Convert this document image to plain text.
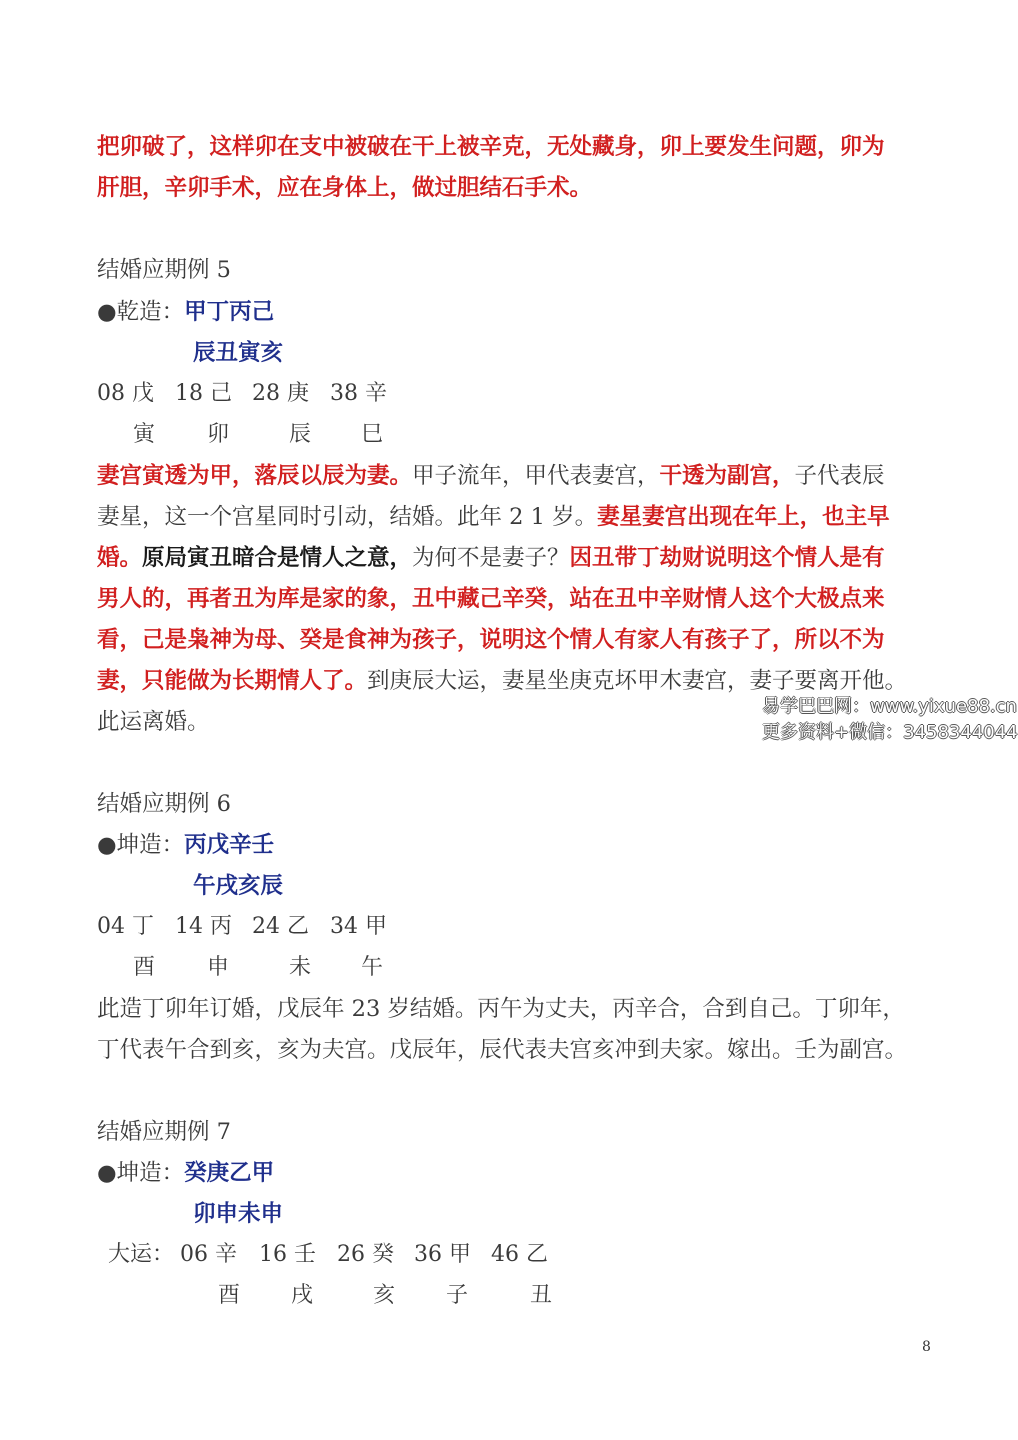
把卯破了，这样卯在支中被破在干上被辛克，无处藏身，卯上要发生问题，卯为
肝胆，辛卯手术，应在身体上，做过胆结石手术。
结婚应期例 5
●乾造：甲丁丙己
辰丑寅亥
08 戊 18 己 28 庚 38 辛
寅 卯	辰 巳
妻宫寅透为甲，落辰以辰为妻。甲子流年，甲代表妻宫，干透为副宫，子代表辰
妻星，这一个宫星同时引动，结婚。此年 2 1 岁。妻星妻宫出现在年上，也主早
婚。原局寅丑暗合是情人之意，为何不是妻子？因丑带丁劫财说明这个情人是有
男人的，再者丑为库是家的象，丑中藏己辛癸，站在丑中辛财情人这个大极点来
看，己是枭神为母、癸是食神为孩子，说明这个情人有家人有孩子了，所以不为
妻，只能做为长期情人了。到庚辰大运，妻星坐庚克坏甲木妻宫，妻子要离开他。
此运离婚。
易学巴巴网：www.yixue88.cn
更多资料+微信：3458344044
结婚应期例 6
●坤造：丙戊辛壬
午戌亥辰
04 丁 14 丙 24 乙 34 甲
酉 申	未 午
此造丁卯年订婚，戊辰年 23 岁结婚。丙午为丈夫，丙辛合，合到自己。丁卯年，
丁代表午合到亥，亥为夫宫。戊辰年，辰代表夫宫亥冲到夫家。嫁出。壬为副宫。
结婚应期例 7
●坤造：癸庚乙甲
卯申未申
大运： 06 辛 16 壬 26 癸 36 甲 46 乙
酉 戌	亥 子	丑
8
